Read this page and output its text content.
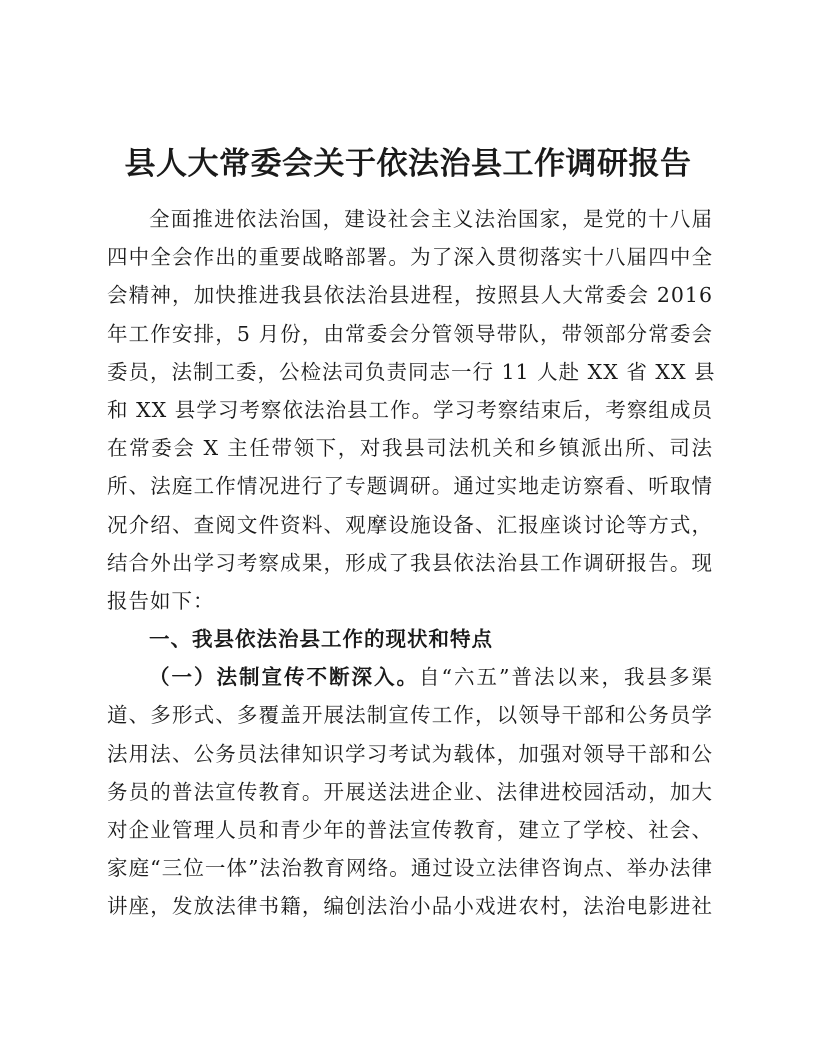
县人大常委会关于依法治县工作调研报告
全面推进依法治国，建设社会主义法治国家，是党的十八届
四中全会作出的重要战略部署。为了深入贯彻落实十八届四中全
会精神，加快推进我县依法治县进程，按照县人大常委会 2016
年工作安排，5 月份，由常委会分管领导带队，带领部分常委会
委员，法制工委，公检法司负责同志一行 11 人赴 XX 省 XX 县
和 XX 县学习考察依法治县工作。学习考察结束后，考察组成员
在常委会 X 主任带领下，对我县司法机关和乡镇派出所、司法
所、法庭工作情况进行了专题调研。通过实地走访察看、听取情
况介绍、查阅文件资料、观摩设施设备、汇报座谈讨论等方式，
结合外出学习考察成果，形成了我县依法治县工作调研报告。现
报告如下：
一、我县依法治县工作的现状和特点
（一）法制宣传不断深入。自“六五”普法以来，我县多渠
道、多形式、多覆盖开展法制宣传工作，以领导干部和公务员学
法用法、公务员法律知识学习考试为载体，加强对领导干部和公
务员的普法宣传教育。开展送法进企业、法律进校园活动，加大
对企业管理人员和青少年的普法宣传教育，建立了学校、社会、
家庭“三位一体”法治教育网络。通过设立法律咨询点、举办法律
讲座，发放法律书籍，编创法治小品小戏进农村，法治电影进社
